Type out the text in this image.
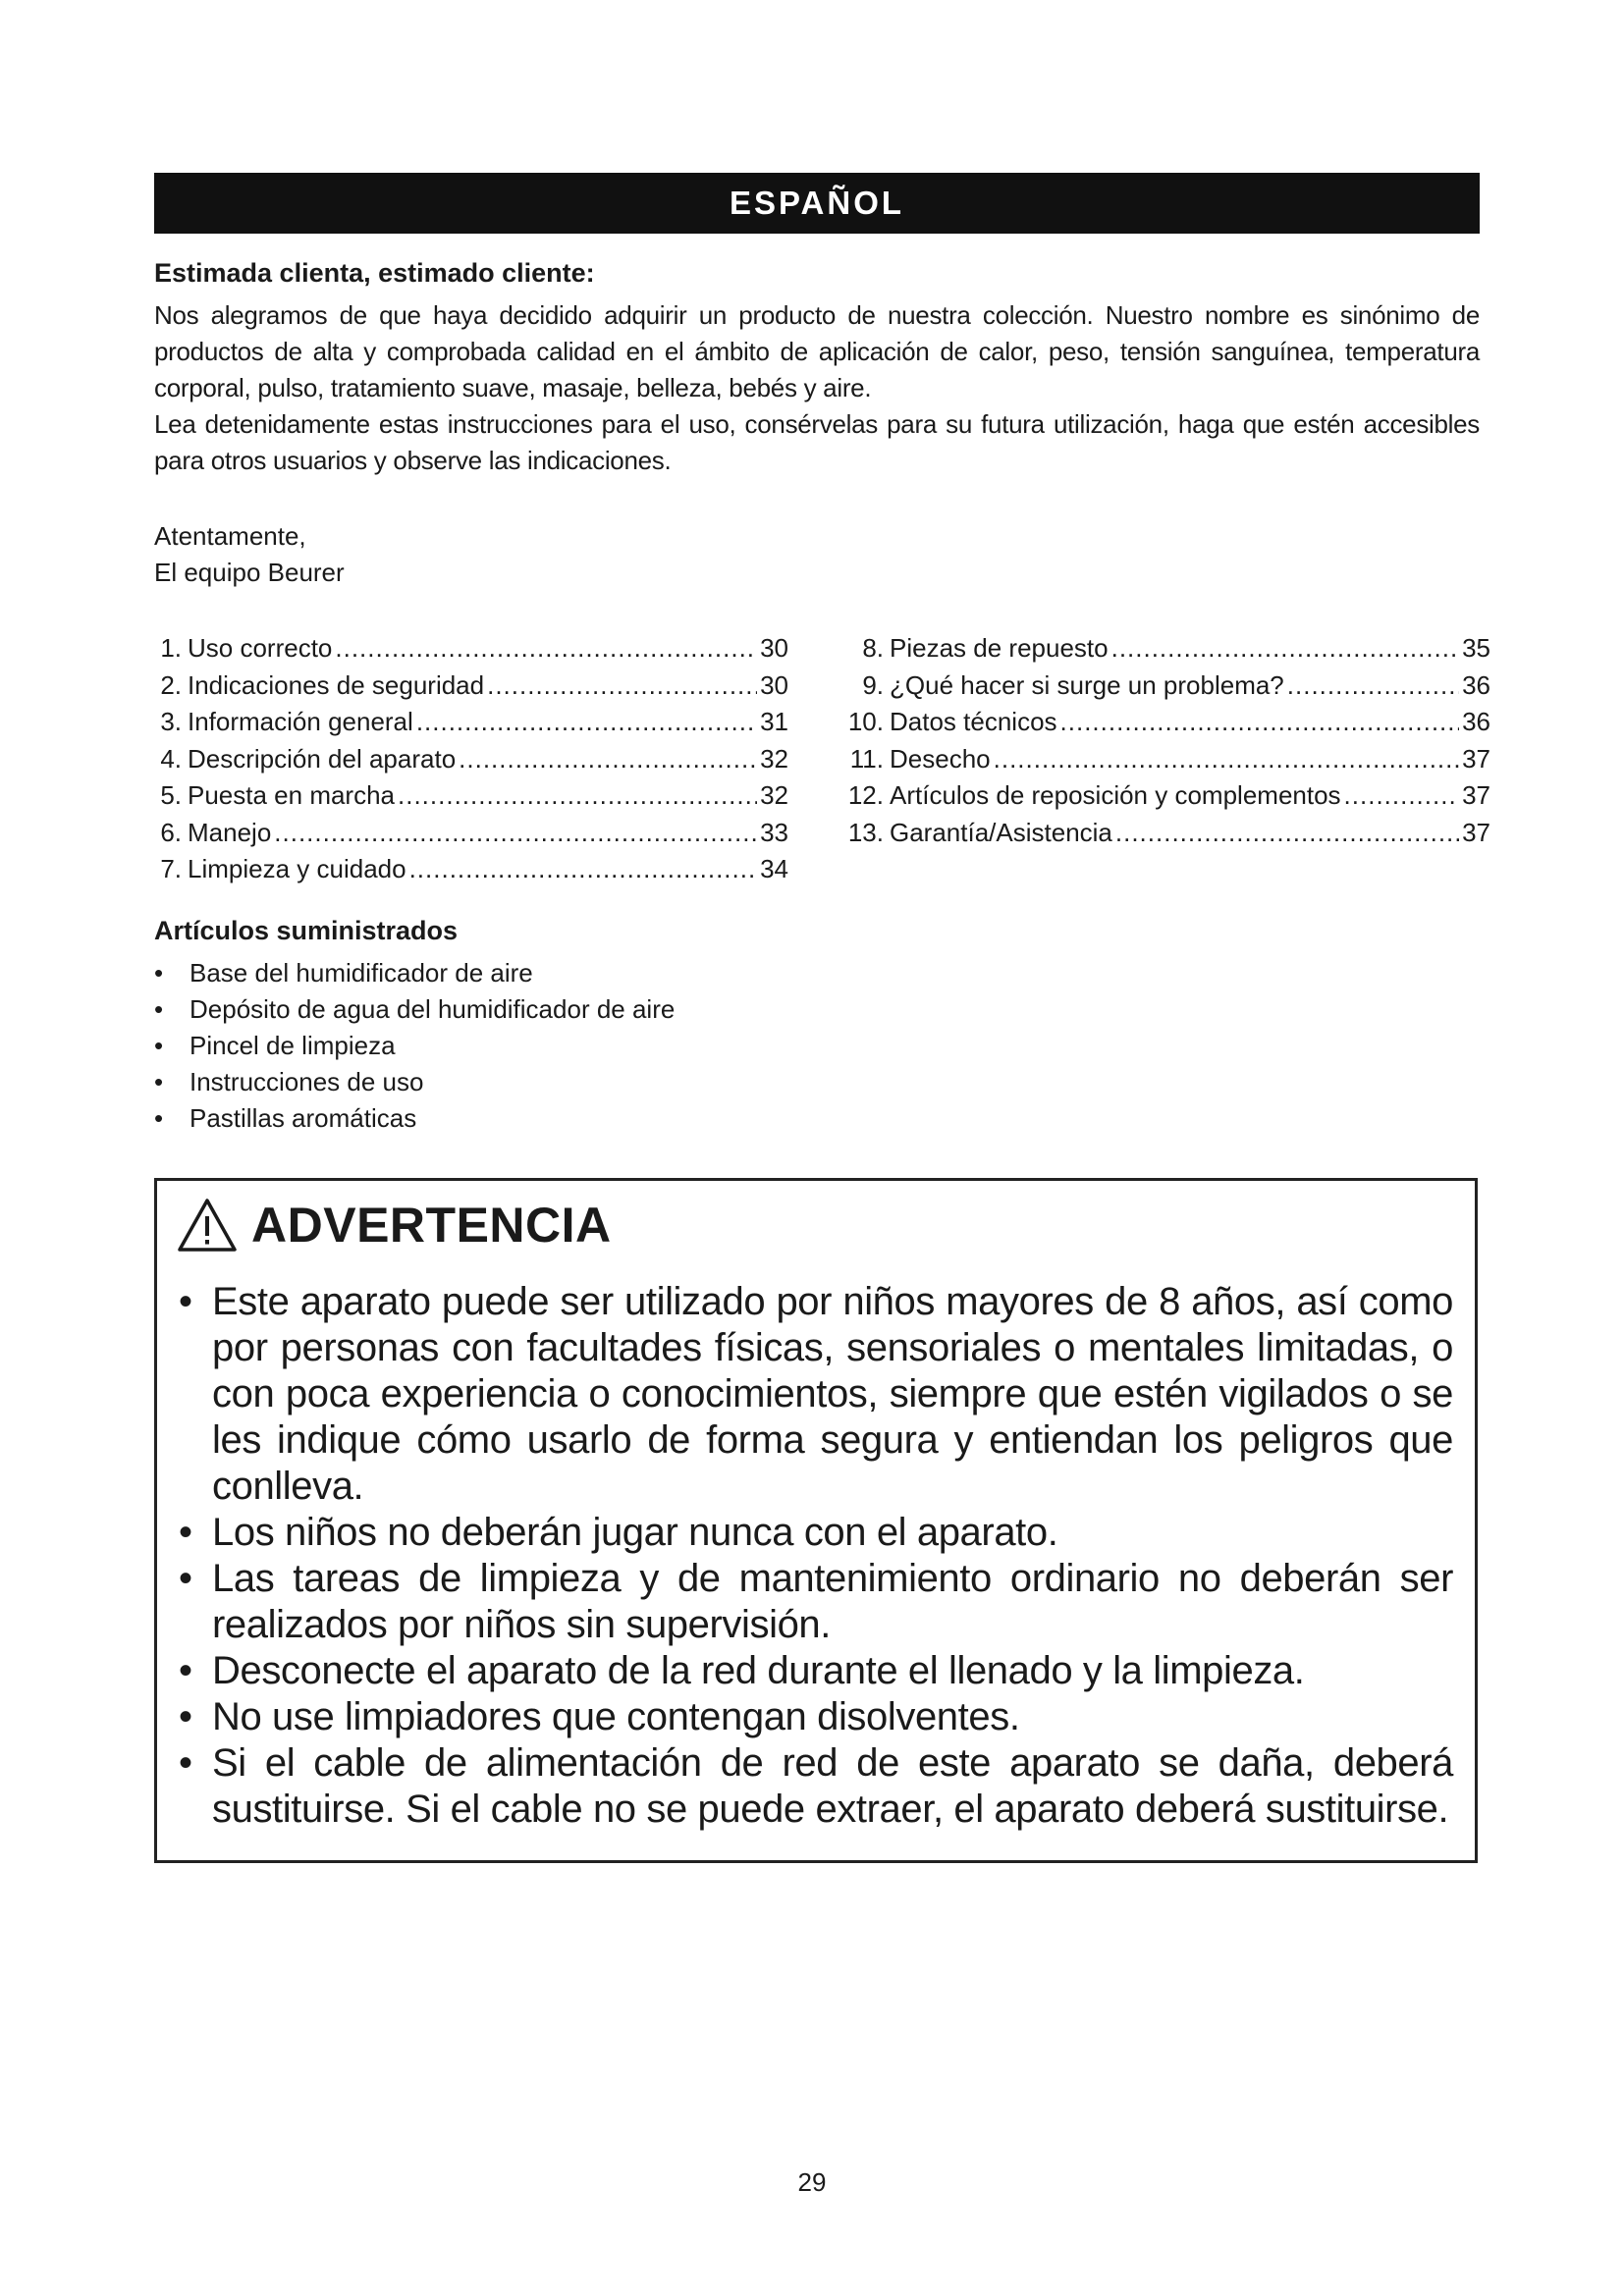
ESPAÑOL
Estimada clienta, estimado cliente:

Nos alegramos de que haya decidido adquirir un producto de nuestra colección. Nuestro nombre es sinónimo de productos de alta y comprobada calidad en el ámbito de aplicación de calor, peso, tensión sanguínea, temperatura corporal, pulso, tratamiento suave, masaje, belleza, bebés y aire.

Lea detenidamente estas instrucciones para el uso, consérvelas para su futura utilización, haga que estén accesibles para otros usuarios y observe las indicaciones.

Atentamente,
El equipo Beurer
1. Uso correcto .....	30
2. Indicaciones de seguridad .....	30
3. Información general .....	31
4. Descripción del aparato .....	32
5. Puesta en marcha .....	32
6. Manejo .....	33
7. Limpieza y cuidado .....	34
8. Piezas de repuesto .....	35
9. ¿Qué hacer si surge un problema? .....	36
10. Datos técnicos .....	36
11. Desecho .....	37
12. Artículos de reposición y complementos .....	37
13. Garantía/Asistencia .....	37
Artículos suministrados
• Base del humidificador de aire
• Depósito de agua del humidificador de aire
• Pincel de limpieza
• Instrucciones de uso
• Pastillas aromáticas
ADVERTENCIA
• Este aparato puede ser utilizado por niños mayores de 8 años, así como por personas con facultades físicas, sensoriales o mentales limitadas, o con poca experiencia o conocimientos, siempre que estén vigilados o se les indique cómo usarlo de forma segura y entiendan los peligros que conlleva.
• Los niños no deberán jugar nunca con el aparato.
• Las tareas de limpieza y de mantenimiento ordinario no deberán ser realizados por niños sin supervisión.
• Desconecte el aparato de la red durante el llenado y la limpieza.
• No use limpiadores que contengan disolventes.
• Si el cable de alimentación de red de este aparato se daña, deberá sustituirse. Si el cable no se puede extraer, el aparato deberá sustituirse.
29
